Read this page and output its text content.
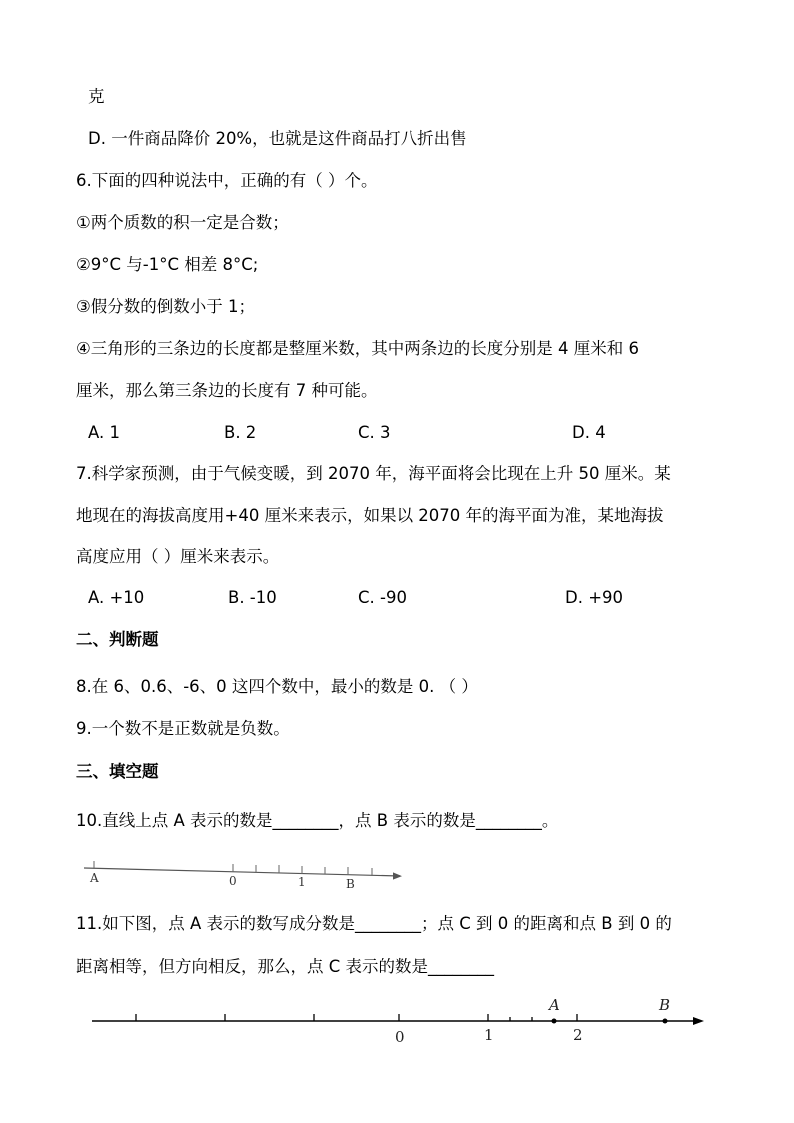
克
D. 一件商品降价 20%，也就是这件商品打八折出售
6.下面的四种说法中，正确的有（ ）个。
①两个质数的积一定是合数；
②9°C 与-1°C 相差 8°C;
③假分数的倒数小于 1；
④三角形的三条边的长度都是整厘米数，其中两条边的长度分别是 4 厘米和 6
厘米，那么第三条边的长度有 7 种可能。
A. 1	B. 2	C. 3	D. 4
7.科学家预测，由于气候变暖，到 2070 年，海平面将会比现在上升 50 厘米。某
地现在的海拔高度用+40 厘米来表示，如果以 2070 年的海平面为准，某地海拔
高度应用（ ）厘米来表示。
A. +10	B. -10	C. -90	D. +90
二、判断题
8.在 6、0.6、-6、0 这四个数中，最小的数是 0. （ ）
9.一个数不是正数就是负数。
三、填空题
10.直线上点 A 表示的数是________，点 B 表示的数是________。
A	0	1	B
11.如下图，点 A 表示的数写成分数是________；点 C 到 0 的距离和点 B 到 0 的
距离相等，但方向相反，那么，点 C 表示的数是________
A	B
0	1	2
